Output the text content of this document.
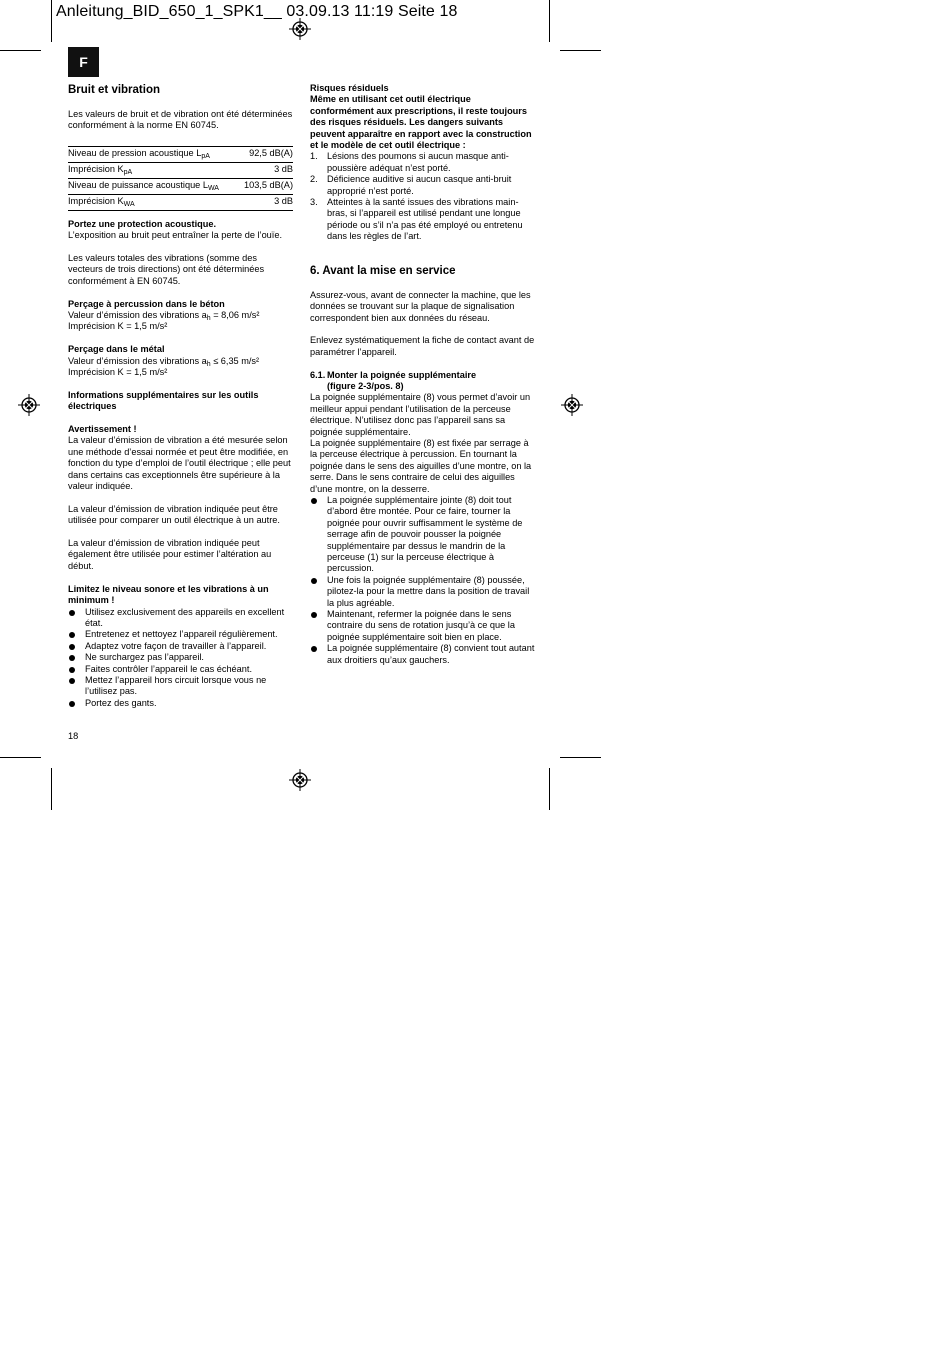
Anleitung_BID_650_1_SPK1__ 03.09.13 11:19 Seite 18
F
Bruit et vibration

Les valeurs de bruit et de vibration ont été déterminées conformément à la norme EN 60745.

Niveau de pression acoustique $L_{pA}$	92,5 dB(A)
Imprécision $K_{pA}$	3 dB
Niveau de puissance acoustique $L_{WA}$	103,5 dB(A)
Imprécision $K_{WA}$	3 dB

Portez une protection acoustique.

L’exposition au bruit peut entraîner la perte de l’ouïe.

Les valeurs totales des vibrations (somme des vecteurs de trois directions) ont été déterminées conformément à EN 60745.

Perçage à percussion dans le béton

Valeur d’émission des vibrations $a_h = 8,06$ m/s²

Imprécision K = 1,5 m/s²

Perçage dans le métal

Valeur d’émission des vibrations $a_h \le 6,35$ m/s²

Imprécision K = 1,5 m/s²

Informations supplémentaires sur les outils électriques

Avertissement !

La valeur d’émission de vibration a été mesurée selon une méthode d’essai normée et peut être modifiée, en fonction du type d’emploi de l’outil électrique ; elle peut dans certains cas exceptionnels être supérieure à la valeur indiquée.

La valeur d’émission de vibration indiquée peut être utilisée pour comparer un outil électrique à un autre.

La valeur d’émission de vibration indiquée peut également être utilisée pour estimer l’altération au début.

Limitez le niveau sonore et les vibrations à un minimum !

Utilisez exclusivement des appareils en excellent état.
Entretenez et nettoyez l’appareil régulièrement.
Adaptez votre façon de travailler à l’appareil.
Ne surchargez pas l’appareil.
Faites contrôler l’appareil le cas échéant.
Mettez l’appareil hors circuit lorsque vous ne l’utilisez pas.
Portez des gants.

Risques résiduels

Même en utilisant cet outil électrique conformément aux prescriptions, il reste toujours des risques résiduels. Les dangers suivants peuvent apparaître en rapport avec la construction et le modèle de cet outil électrique :

1. Lésions des poumons si aucun masque anti-poussière adéquat n’est porté.
2. Déficience auditive si aucun casque anti-bruit approprié n’est porté.
3. Atteintes à la santé issues des vibrations main-bras, si l’appareil est utilisé pendant une longue période ou s’il n’a pas été employé ou entretenu dans les règles de l’art.
6. Avant la mise en service

Assurez-vous, avant de connecter la machine, que les données se trouvant sur la plaque de signalisation correspondent bien aux données du réseau.

Enlevez systématiquement la fiche de contact avant de paramétrer l’appareil.

6.1. Monter la poignée supplémentaire
(figure 2-3/pos. 8)

La poignée supplémentaire (8) vous permet d’avoir un meilleur appui pendant l’utilisation de la perceuse électrique. N’utilisez donc pas l’appareil sans sa poignée supplémentaire.

La poignée supplémentaire (8) est fixée par serrage à la perceuse électrique à percussion. En tournant la poignée dans le sens des aiguilles d’une montre, on la serre. Dans le sens contraire de celui des aiguilles d’une montre, on la desserre.

La poignée supplémentaire jointe (8) doit tout d’abord être montée. Pour ce faire, tourner la poignée pour ouvrir suffisamment le système de serrage afin de pouvoir pousser la poignée supplémentaire par dessus le mandrin de la perceuse (1) sur la perceuse électrique à percussion.
Une fois la poignée supplémentaire (8) poussée, pilotez-la pour la mettre dans la position de travail la plus agréable.
Maintenant, refermer la poignée dans le sens contraire du sens de rotation jusqu’à ce que la poignée supplémentaire soit bien en place.
La poignée supplémentaire (8) convient tout autant aux droitiers qu’aux gauchers.
18
